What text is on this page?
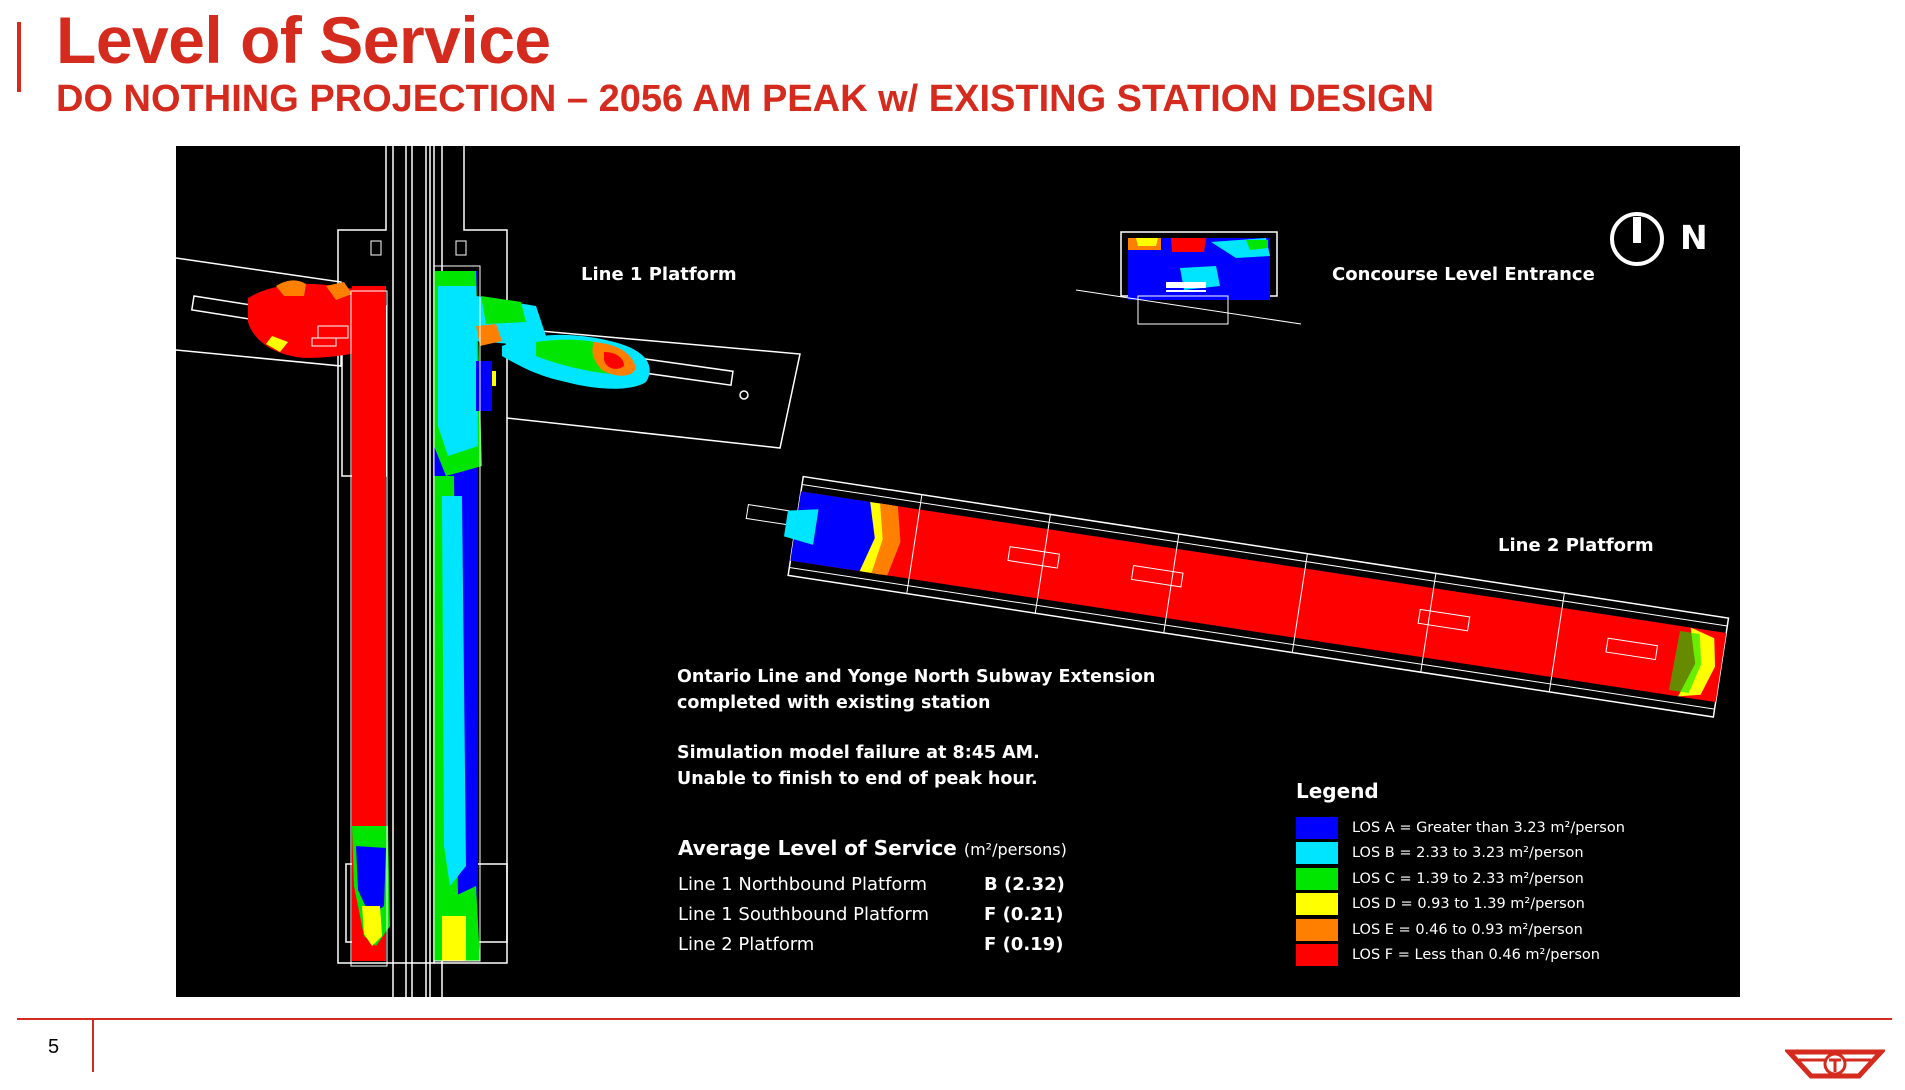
Level of Service
DO NOTHING PROJECTION – 2056 AM PEAK w/ EXISTING STATION DESIGN
Line 1 Platform	Concourse Level Entrance
Line 2 Platform
N
Ontario Line and Yonge North Subway Extension
completed with existing station
Simulation model failure at 8:45 AM.
Unable to finish to end of peak hour.
Average Level of Service (m²/persons)
Line 1 Northbound Platform	B (2.32)
Line 1 Southbound Platform	F (0.21)
Line 2 Platform	F (0.19)
Legend
LOS A = Greater than 3.23 m²/person
LOS B = 2.33 to 3.23 m²/person
LOS C = 1.39 to 2.33 m²/person
LOS D = 0.93 to 1.39 m²/person
LOS E = 0.46 to 0.93 m²/person
LOS F = Less than 0.46 m²/person
5
